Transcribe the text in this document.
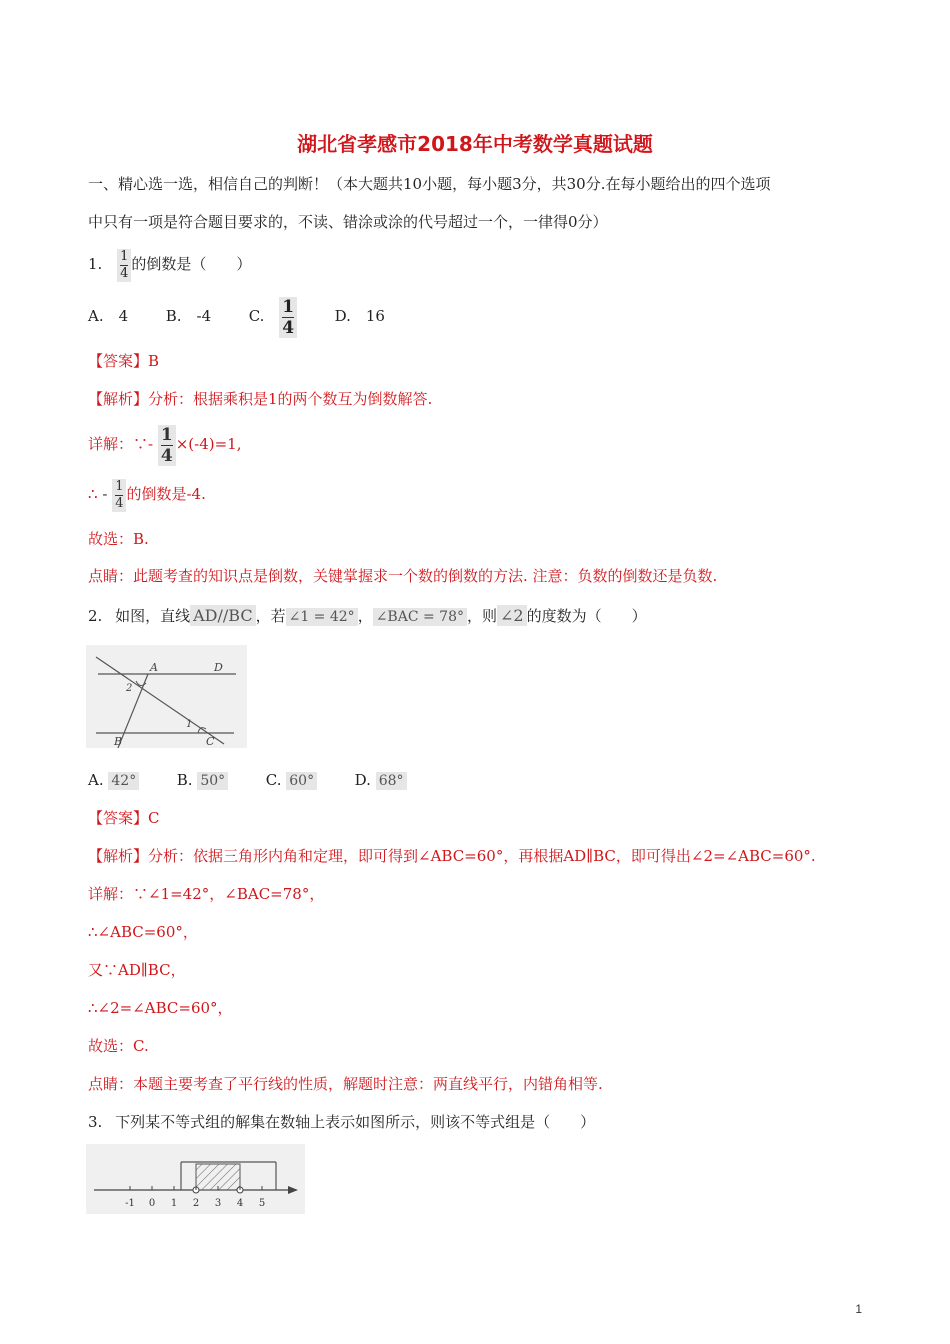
湖北省孝感市2018年中考数学真题试题
一、精心选一选，相信自己的判断！（本大题共10小题，每小题3分，共30分.在每小题给出的四个选项
中只有一项是符合题目要求的，不读、错涂或涂的代号超过一个，一律得0分）
1. $\frac{1}{4}$ 的倒数是（　　）
A.　4	B.　-4	C. $\frac{1}{4}$	D.　16
【答案】B
【解析】分析：根据乘积是1的两个数互为倒数解答.
详解：∵- $\frac{1}{4} \times(-4)=1$,
∴ - $\frac{1}{4}$ 的倒数是-4.
故选：B.
点睛：此题考查的知识点是倒数，关键掌握求一个数的倒数的方法. 注意：负数的倒数还是负数.
2. 如图，直线 AD//BC ，若 ∠1 = 42° ， ∠BAC = 78° ，则 ∠2 的度数为（　　）
A	D
B	C
1
2
A. 42°	B. 50°	C. 60°	D. 68°
【答案】C
【解析】分析：依据三角形内角和定理，即可得到∠ABC=60°，再根据AD∥BC，即可得出∠2=∠ABC=60°.
详解：∵∠1=42°，∠BAC=78°，
∴∠ABC=60°，
又∵AD∥BC，
∴∠2=∠ABC=60°，
故选：C.
点睛：本题主要考查了平行线的性质，解题时注意：两直线平行，内错角相等.
3. 下列某不等式组的解集在数轴上表示如图所示，则该不等式组是（　　）
-1 0 1 2 3 4 5
1
